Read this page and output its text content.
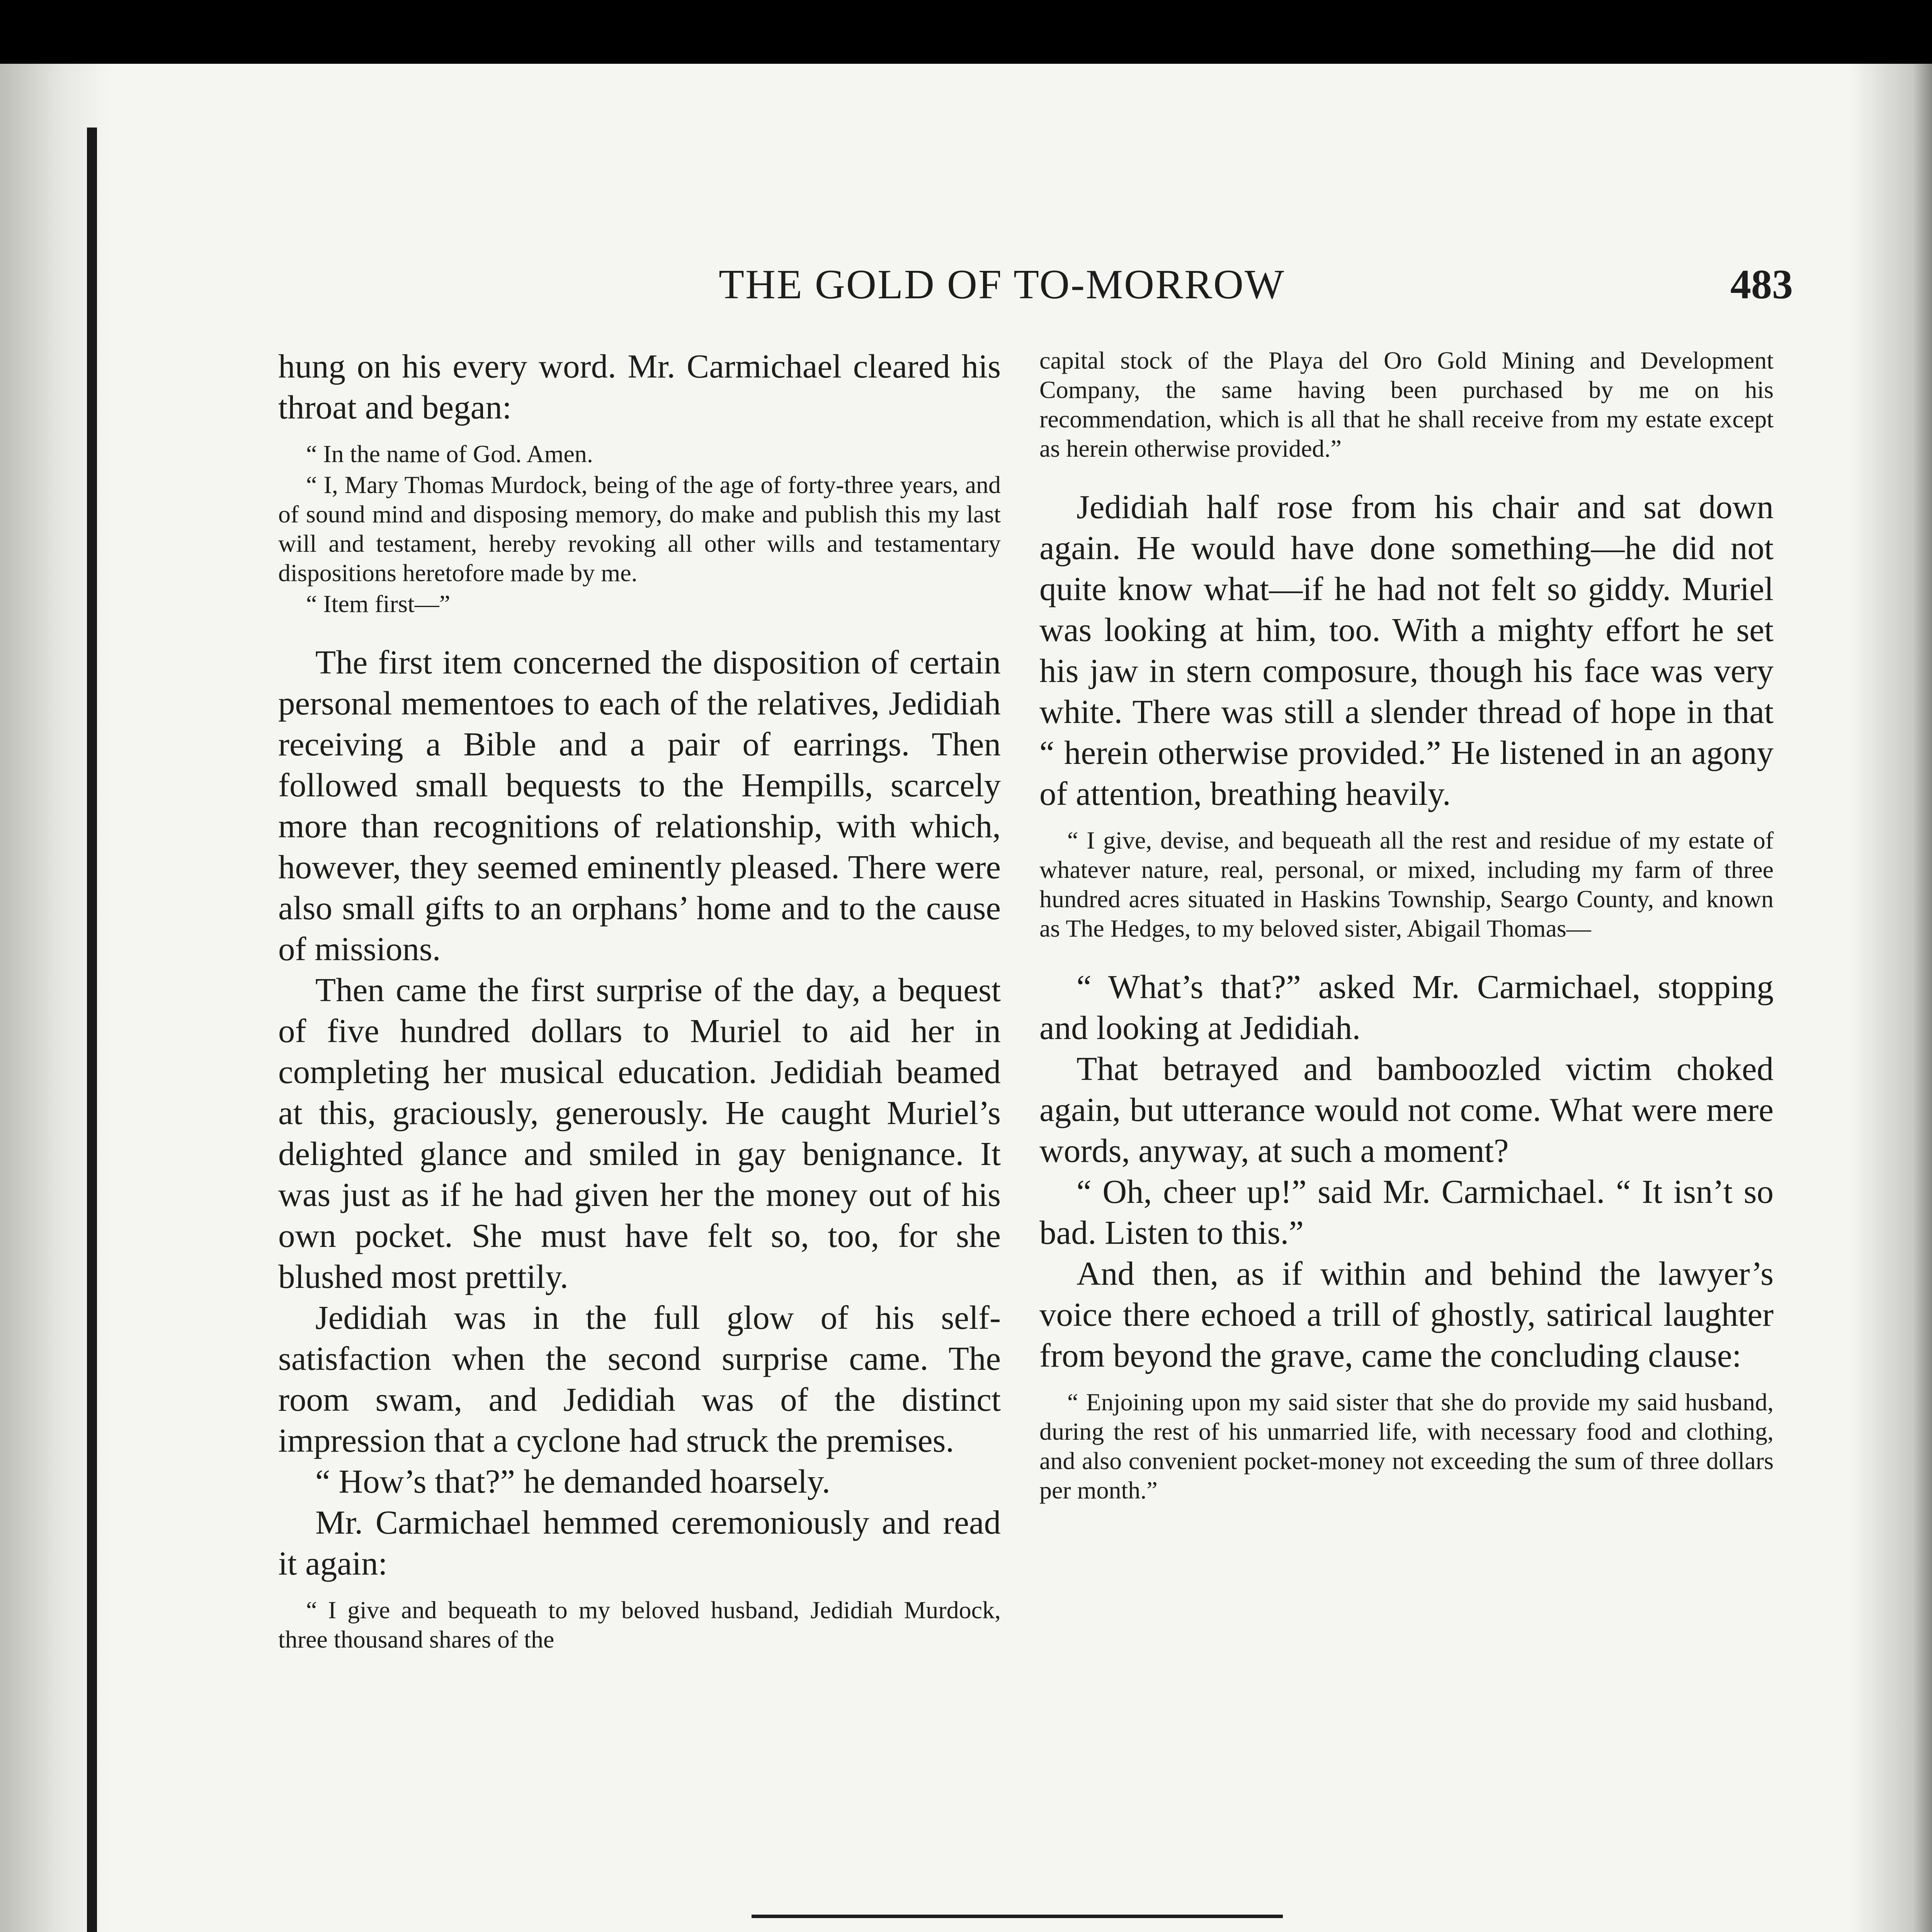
THE GOLD OF TO-MORROW	483

hung on his every word. Mr. Carmichael cleared his throat and began:

“ In the name of God. Amen.

“ I, Mary Thomas Murdock, being of the age of forty-three years, and of sound mind and disposing memory, do make and publish this my last will and testament, hereby revoking all other wills and testamentary dispositions heretofore made by me.

“ Item first—”

The first item concerned the disposition of certain personal mementoes to each of the relatives, Jedidiah receiving a Bible and a pair of earrings. Then followed small bequests to the Hempills, scarcely more than recognitions of relationship, with which, however, they seemed eminently pleased. There were also small gifts to an orphans’ home and to the cause of missions.

Then came the first surprise of the day, a bequest of five hundred dollars to Muriel to aid her in completing her musical education. Jedidiah beamed at this, graciously, generously. He caught Muriel’s delighted glance and smiled in gay benignance. It was just as if he had given her the money out of his own pocket. She must have felt so, too, for she blushed most prettily.

Jedidiah was in the full glow of his self-satisfaction when the second surprise came. The room swam, and Jedidiah was of the distinct impression that a cyclone had struck the premises.

“ How’s that?” he demanded hoarsely.

Mr. Carmichael hemmed ceremoniously and read it again:

“ I give and bequeath to my beloved husband, Jedidiah Murdock, three thousand shares of the

capital stock of the Playa del Oro Gold Mining and Development Company, the same having been purchased by me on his recommendation, which is all that he shall receive from my estate except as herein otherwise provided.”

Jedidiah half rose from his chair and sat down again. He would have done something—he did not quite know what—if he had not felt so giddy. Muriel was looking at him, too. With a mighty effort he set his jaw in stern composure, though his face was very white. There was still a slender thread of hope in that “ herein otherwise provided.” He listened in an agony of attention, breathing heavily.

“ I give, devise, and bequeath all the rest and residue of my estate of whatever nature, real, personal, or mixed, including my farm of three hundred acres situated in Haskins Township, Seargo County, and known as The Hedges, to my beloved sister, Abigail Thomas—

“ What’s that?” asked Mr. Carmichael, stopping and looking at Jedidiah.

That betrayed and bamboozled victim choked again, but utterance would not come. What were mere words, anyway, at such a moment?

“ Oh, cheer up!” said Mr. Carmichael. “ It isn’t so bad. Listen to this.”

And then, as if within and behind the lawyer’s voice there echoed a trill of ghostly, satirical laughter from beyond the grave, came the concluding clause:

“ Enjoining upon my said sister that she do provide my said husband, during the rest of his unmarried life, with necessary food and clothing, and also convenient pocket-money not exceeding the sum of three dollars per month.”
